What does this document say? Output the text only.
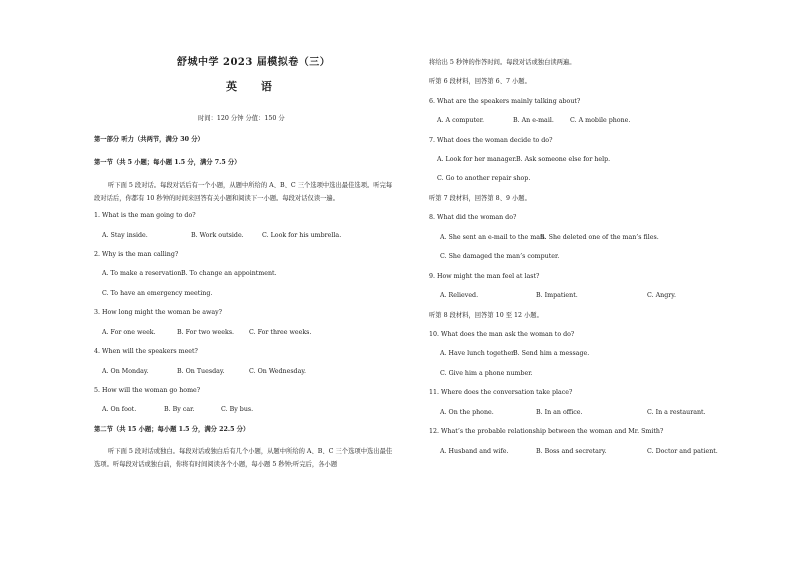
舒城中学 2023 届模拟卷（三）
英 语
时间：120 分钟 分值：150 分
第一部分 听力（共两节，满分 30 分）
第一节（共 5 小题；每小题 1.5 分，满分 7.5 分）
听下面 5 段对话。每段对话后有一个小题，从题中所给的 A、B、C 三个选项中选出最佳选项。听完每段对话后，你都有 10 秒钟的时间来回答有关小题和阅读下一小题。每段对话仅读一遍。
1. What is the man going to do?
A. Stay inside.	B. Work outside.	C. Look for his umbrella.
2. Why is the man calling?
A. To make a reservation.
B. To change an appointment.
C. To have an emergency meeting.
3. How long might the woman be away?
A. For one week.	B. For two weeks. C. For three weeks.
4. When will the speakers meet?
A. On Monday.	B. On Tuesday.	C. On Wednesday.
5. How will the woman go home?
A. On foot.	B. By car.	C. By bus.
第二节（共 15 小题；每小题 1.5 分，满分 22.5 分）
听下面 5 段对话或独白。每段对话或独白后有几个小题，从题中所给的 A、B、C 三个选项中选出最佳选项。听每段对话或独白前，你将有时间阅读各个小题，每小题 5 秒钟;听完后，各小题
将给出 5 秒钟的作答时间。每段对话或独白读两遍。
听第 6 段材料，回答第 6、7 小题。
6. What are the speakers mainly talking about?
A. A computer.	B. An e-mail.	C. A mobile phone.
7. What does the woman decide to do?
A. Look for her manager. B. Ask someone else for help.
C. Go to another repair shop.
听第 7 段材料，回答第 8、9 小题。
8. What did the woman do?
A. She sent an e-mail to the man.
B. She deleted one of the man’s files.
C. She damaged the man’s computer.
9. How might the man feel at last?
A. Relieved.	B. Impatient.	C. Angry.
听第 8 段材料，回答第 10 至 12 小题。
10. What does the man ask the woman to do?
A. Have lunch together.
B. Send him a message.
C. Give him a phone number.
11. Where does the conversation take place?
A. On the phone.	B. In an office.	C. In a restaurant.
12. What’s the probable relationship between the woman and Mr. Smith?
A. Husband and wife.	B. Boss and secretary.	C. Doctor and patient.
